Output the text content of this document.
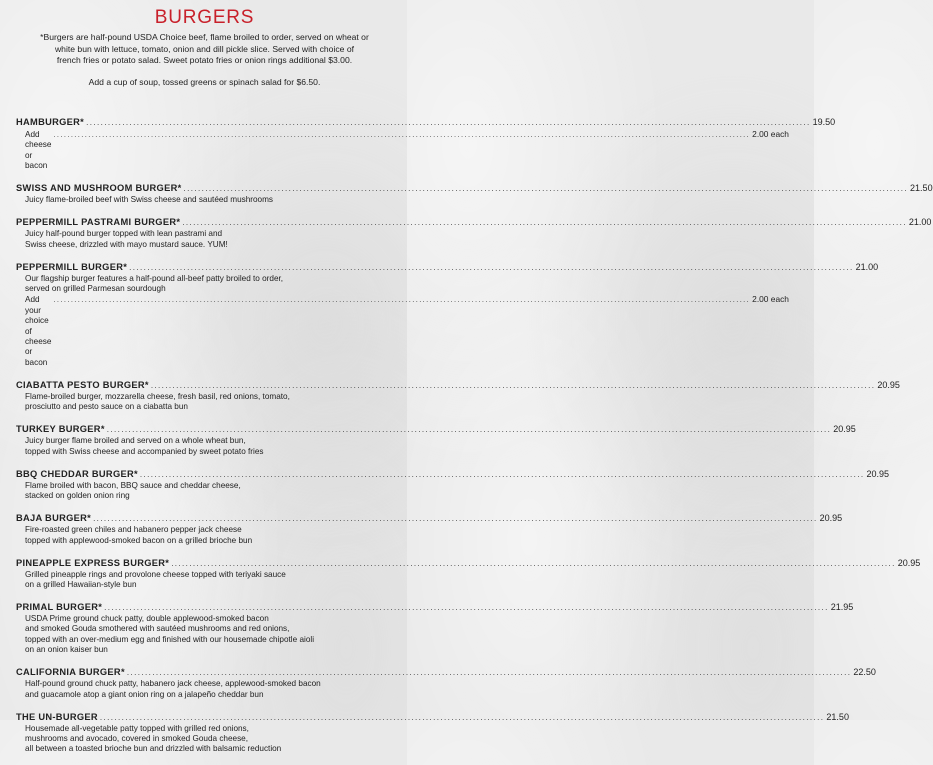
BURGERS
*Burgers are half-pound USDA Choice beef, flame broiled to order, served on wheat or
white bun with lettuce, tomato, onion and dill pickle slice. Served with choice of
french fries or potato salad. Sweet potato fries or onion rings additional $3.00.
Add a cup of soup, tossed greens or spinach salad for $6.50.
HAMBURGER* ........................................................................................................................................................................................................ 19.50
Add cheese or bacon
........................................................................................................................................................................................................ 2.00 each
SWISS AND MUSHROOM BURGER* ........................................................................................................................................................................................................ 21.50
Juicy flame-broiled beef with Swiss cheese and sautéed mushrooms
PEPPERMILL PASTRAMI BURGER* ........................................................................................................................................................................................................ 21.00
Juicy half-pound burger topped with lean pastrami and
Swiss cheese, drizzled with mayo mustard sauce. YUM!
PEPPERMILL BURGER* ........................................................................................................................................................................................................ 21.00
Our flagship burger features a half-pound all-beef patty broiled to order,
served on grilled Parmesan sourdough
Add your choice of cheese or bacon
........................................................................................................................................................................................................ 2.00 each
CIABATTA PESTO BURGER* ........................................................................................................................................................................................................ 20.95
Flame-broiled burger, mozzarella cheese, fresh basil, red onions, tomato,
prosciutto and pesto sauce on a ciabatta bun
TURKEY BURGER* ........................................................................................................................................................................................................ 20.95
Juicy burger flame broiled and served on a whole wheat bun,
topped with Swiss cheese and accompanied by sweet potato fries
BBQ CHEDDAR BURGER* ........................................................................................................................................................................................................ 20.95
Flame broiled with bacon, BBQ sauce and cheddar cheese,
stacked on golden onion ring
BAJA BURGER* ........................................................................................................................................................................................................ 20.95
Fire-roasted green chiles and habanero pepper jack cheese
topped with applewood-smoked bacon on a grilled brioche bun
PINEAPPLE EXPRESS BURGER* ........................................................................................................................................................................................................ 20.95
Grilled pineapple rings and provolone cheese topped with teriyaki sauce
on a grilled Hawaiian-style bun
PRIMAL BURGER* ........................................................................................................................................................................................................ 21.95
USDA Prime ground chuck patty, double applewood-smoked bacon
and smoked Gouda smothered with sautéed mushrooms and red onions,
topped with an over-medium egg and finished with our housemade chipotle aioli
on an onion kaiser bun
CALIFORNIA BURGER* ........................................................................................................................................................................................................ 22.50
Half-pound ground chuck patty, habanero jack cheese, applewood-smoked bacon
and guacamole atop a giant onion ring on a jalapeño cheddar bun
THE UN-BURGER ........................................................................................................................................................................................................ 21.50
Housemade all-vegetable patty topped with grilled red onions,
mushrooms and avocado, covered in smoked Gouda cheese,
all between a toasted brioche bun and drizzled with balsamic reduction
